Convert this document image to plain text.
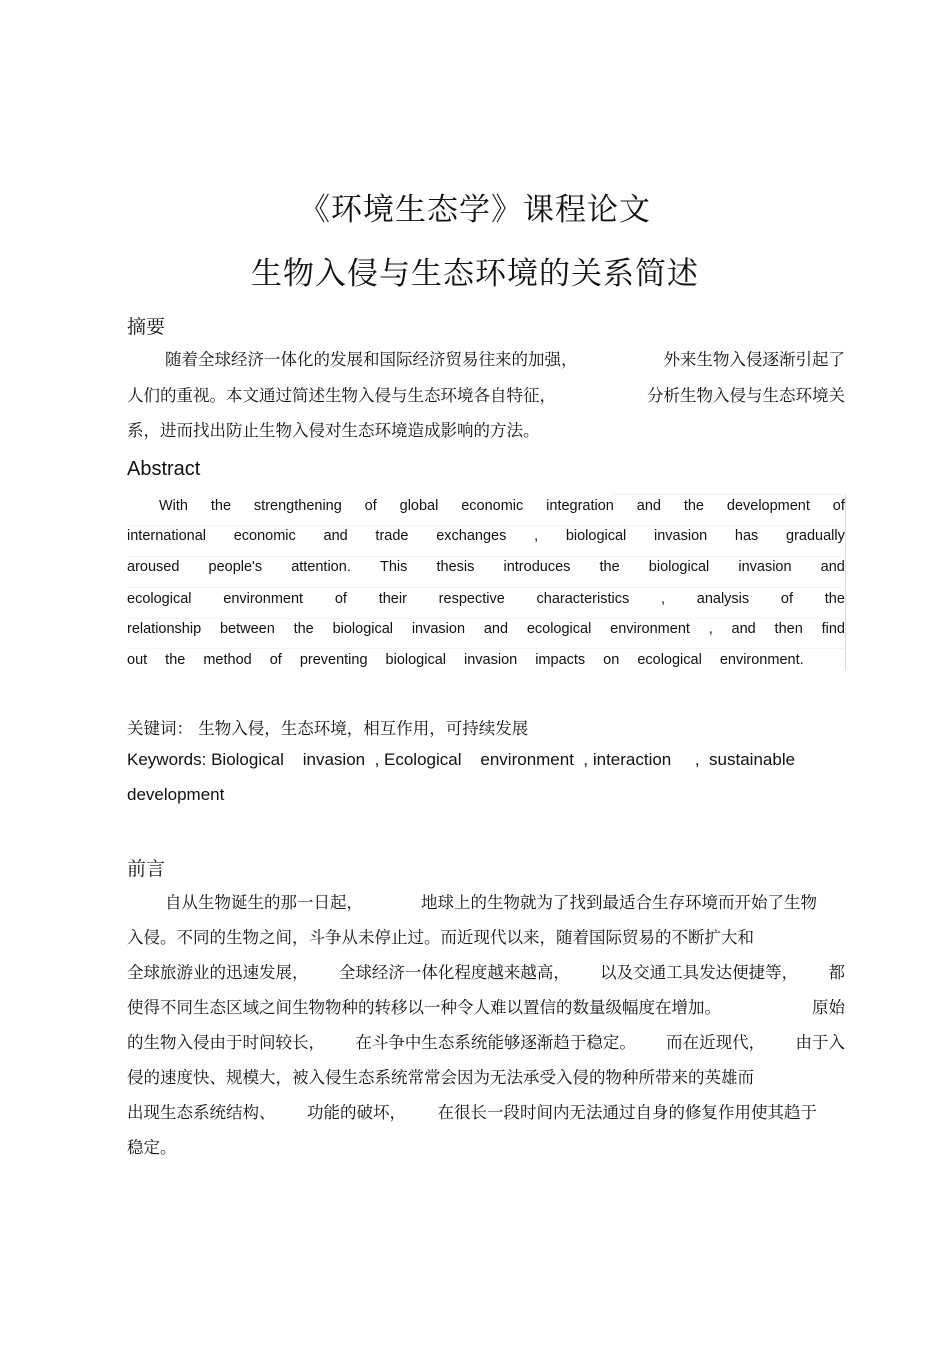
《环境生态学》课程论文
生物入侵与生态环境的关系简述
摘要
随着全球经济一体化的发展和国际经济贸易往来的加强，	外来生物入侵逐渐引起了
人们的重视。本文通过简述生物入侵与生态环境各自特征，	分析生物入侵与生态环境关
系，进而找出防止生物入侵对生态环境造成影响的方法。
Abstract
With the strengthening of global economic integration and the development of
international economic and trade exchanges , biological invasion has gradually
aroused people's attention. This thesis introduces the biological invasion and
ecological environment of their respective characteristics , analysis of the
relationship between the biological invasion and ecological environment , and then find
out the method of preventing biological invasion impacts on ecological environment.
关键词： 生物入侵，生态环境，相互作用，可持续发展
Keywords: Biological    invasion  , Ecological    environment  , interaction     ,  sustainable
development
前言
自从生物诞生的那一日起，	地球上的生物就为了找到最适合生存环境而开始了生物
入侵。不同的生物之间，斗争从未停止过。而近现代以来，随着国际贸易的不断扩大和
全球旅游业的迅速发展， 全球经济一体化程度越来越高， 以及交通工具发达便捷等， 都
使得不同生态区域之间生物物种的转移以一种令人难以置信的数量级幅度在增加。	原始
的生物入侵由于时间较长， 在斗争中生态系统能够逐渐趋于稳定。 而在近现代， 由于入
侵的速度快、规模大，被入侵生态系统常常会因为无法承受入侵的物种所带来的英雄而
出现生态系统结构、 功能的破坏， 在很长一段时间内无法通过自身的修复作用使其趋于
稳定。
